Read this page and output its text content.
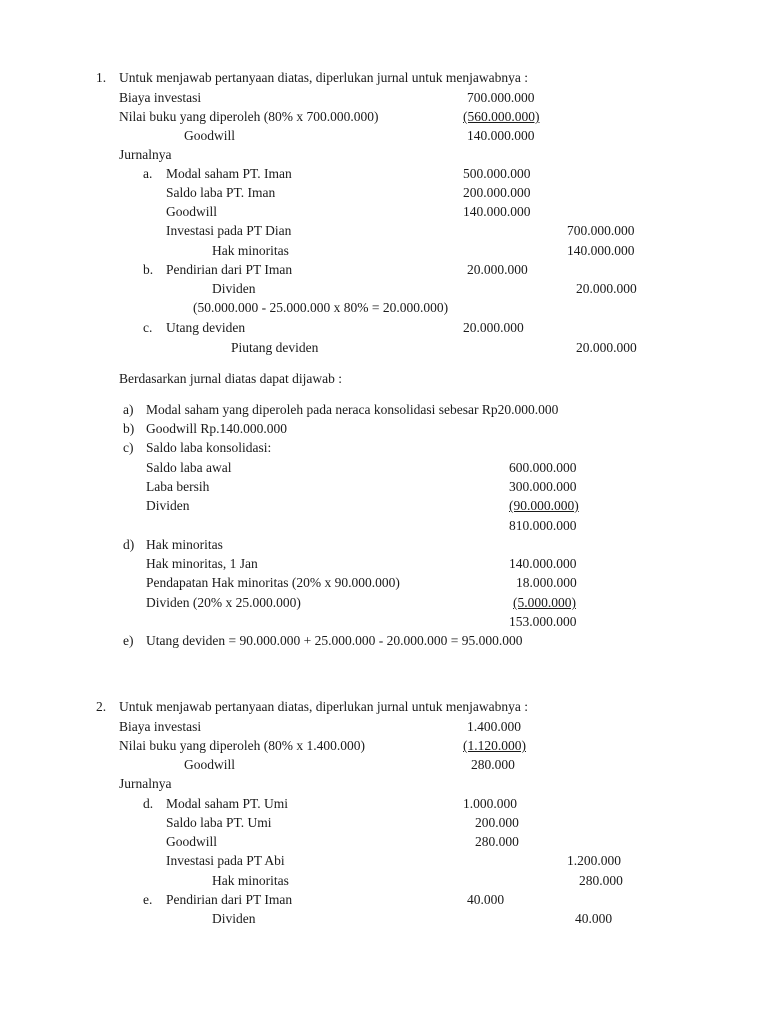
1. Untuk menjawab pertanyaan diatas, diperlukan jurnal untuk menjawabnya :
Biaya investasi	700.000.000
Nilai buku yang diperoleh (80% x 700.000.000)	(560.000.000)
Goodwill	140.000.000
Jurnalnya
a. Modal saham PT. Iman	500.000.000
Saldo laba PT. Iman	200.000.000
Goodwill	140.000.000
Investasi pada PT Dian	700.000.000
Hak minoritas	140.000.000
b. Pendirian dari PT Iman	20.000.000
Dividen	20.000.000
(50.000.000 - 25.000.000 x 80% = 20.000.000)
c. Utang deviden	20.000.000
Piutang deviden	20.000.000
Berdasarkan jurnal diatas dapat dijawab :
a) Modal saham yang diperoleh pada neraca konsolidasi sebesar Rp20.000.000
b) Goodwill Rp.140.000.000
c) Saldo laba konsolidasi:
Saldo laba awal	600.000.000
Laba bersih	300.000.000
Dividen	(90.000.000)
810.000.000
d) Hak minoritas
Hak minoritas, 1 Jan	140.000.000
Pendapatan Hak minoritas (20% x 90.000.000)	18.000.000
Dividen (20% x 25.000.000)	(5.000.000)
153.000.000
e) Utang deviden = 90.000.000 + 25.000.000 - 20.000.000 = 95.000.000
2. Untuk menjawab pertanyaan diatas, diperlukan jurnal untuk menjawabnya :
Biaya investasi	1.400.000
Nilai buku yang diperoleh (80% x 1.400.000)	(1.120.000)
Goodwill	280.000
Jurnalnya
d. Modal saham PT. Umi	1.000.000
Saldo laba PT. Umi	200.000
Goodwill	280.000
Investasi pada PT Abi	1.200.000
Hak minoritas	280.000
e. Pendirian dari PT Iman	40.000
Dividen	40.000
